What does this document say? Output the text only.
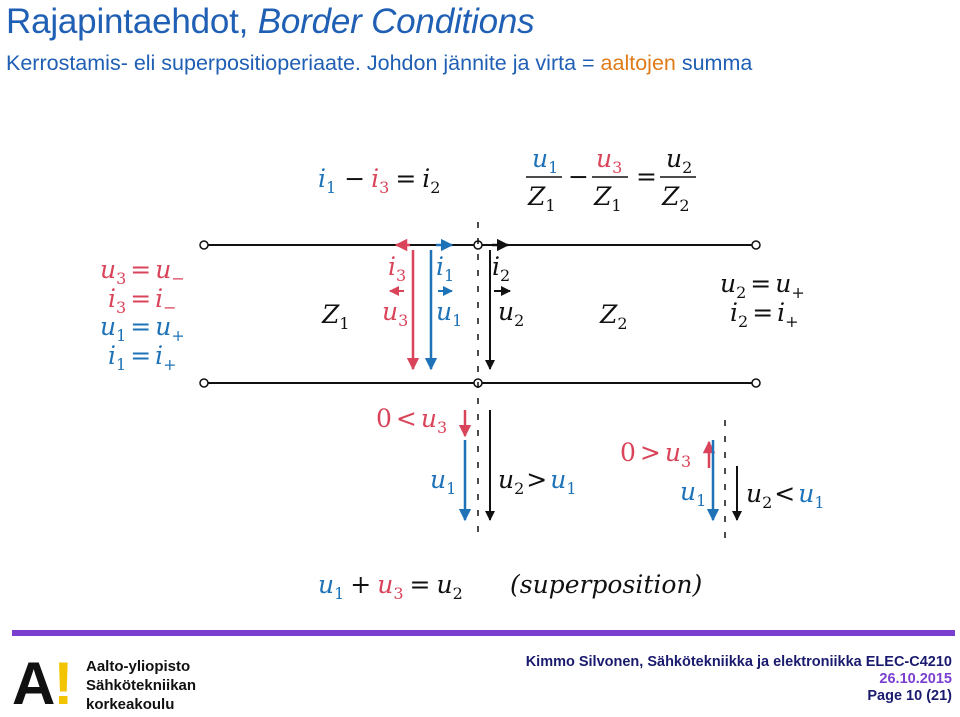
Rajapintaehdot, Border Conditions

Kerrostamis- eli superpositioperiaate. Johdon jännite ja virta = aaltojen summa

$i_1 - i_3 = i_2$
$u_1$
$Z_1$
−
$u_3$
$Z_1$
=
$u_2$
$Z_2$
$u_3 = u_-$
$i_3 = i_-$
$u_1 = u_+$
$i_1 = i_+$
$u_2 = u_+$
$i_2 = i_+$
$Z_1$	$Z_2$
$i_3$ $i_1$ $i_2$
$u_3$ $u_1$ $u_2$
$0 < u_3$
$u_1$ $u_2> u_1$
$0 > u_3$
$u_1$ $u_2< u_1$
$u_1 + u_3 = u_2$ (superposition)
A! Aalto-yliopisto
Sähkötekniikan
korkeakoulu
Kimmo Silvonen, Sähkötekniikka ja elektroniikka ELEC-C4210
26.10.2015
Page 10 (21)
